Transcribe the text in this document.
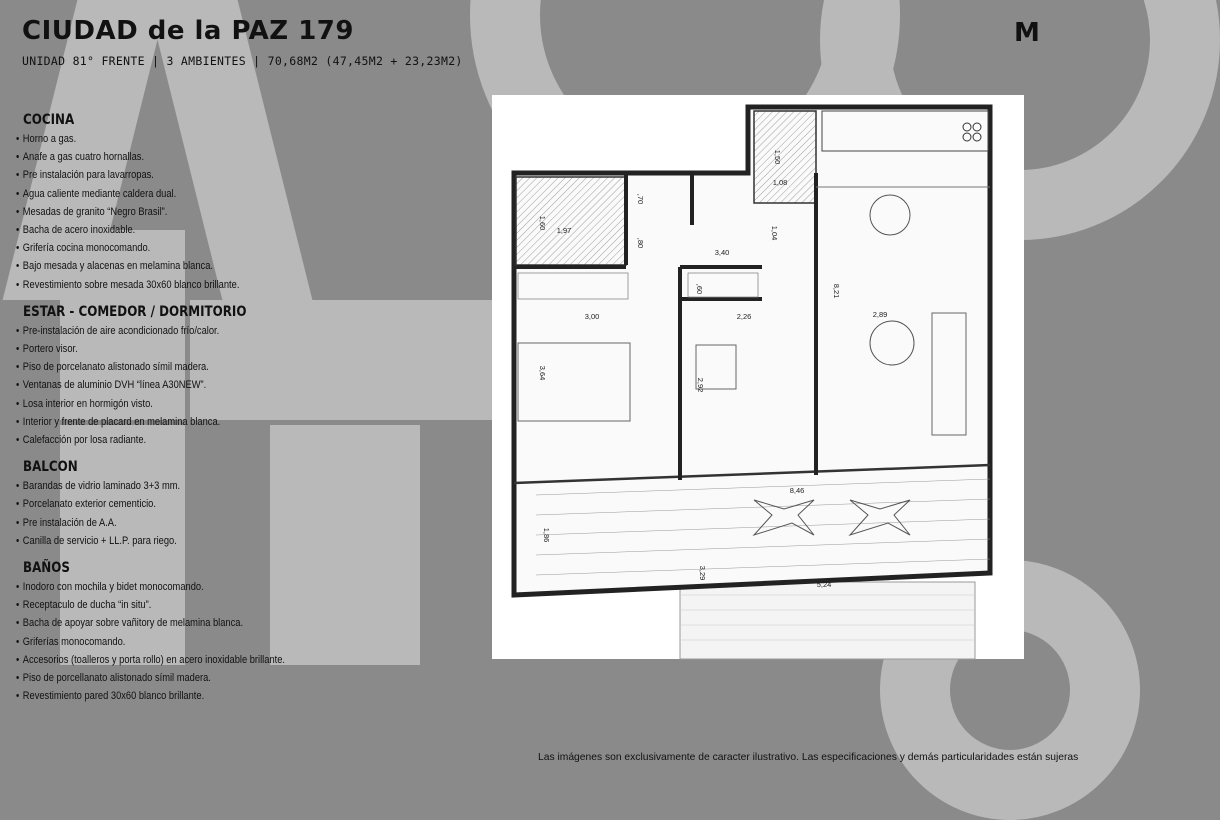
CIUDAD de la PAZ 179
UNIDAD 81° FRENTE | 3 AMBIENTES | 70,68M2 (47,45M2 + 23,23M2)
M
COCINA
• Horno a gas.
• Anafe a gas cuatro hornallas.
• Pre instalación para lavarropas.
• Agua caliente mediante caldera dual.
• Mesadas de granito “Negro Brasil”.
• Bacha de acero inoxidable.
• Grifería cocina monocomando.
• Bajo mesada y alacenas en melamina blanca.
• Revestimiento sobre mesada 30x60 blanco brillante.
ESTAR - COMEDOR / DORMITORIO
• Pre-instalación de aire acondicionado frío/calor.
• Portero visor.
• Piso de porcelanato alistonado símil madera.
• Ventanas de aluminio DVH “línea A30NEW”.
• Losa interior en hormigón visto.
• Interior y frente de placard en melamina blanca.
• Calefacción por losa radiante.
BALCON
• Barandas de vidrio laminado 3+3 mm.
• Porcelanato exterior cementicio.
• Pre instalación de A.A.
• Canilla de servicio + LL.P. para riego.
BAÑOS
• Inodoro con mochila y bidet monocomando.
• Receptaculo de ducha “in situ”.
• Bacha de apoyar sobre vañitory de melamina blanca.
• Griferías monocomando.
• Accesorios (toalleros y porta rollo) en acero inoxidable brillante.
• Piso de porcellanato alistonado símil madera.
• Revestimiento pared 30x60 blanco brillante.
1,50
1,08
,70
1,60
1,97
,80
3,40
1,04
,60	8,21
3,00	2,26	2,89
3,64
2,92
8,46
1,86
3,29
5,24
Las imágenes son exclusivamente de caracter ilustrativo. Las especificaciones y demás particularidades están sujeras
